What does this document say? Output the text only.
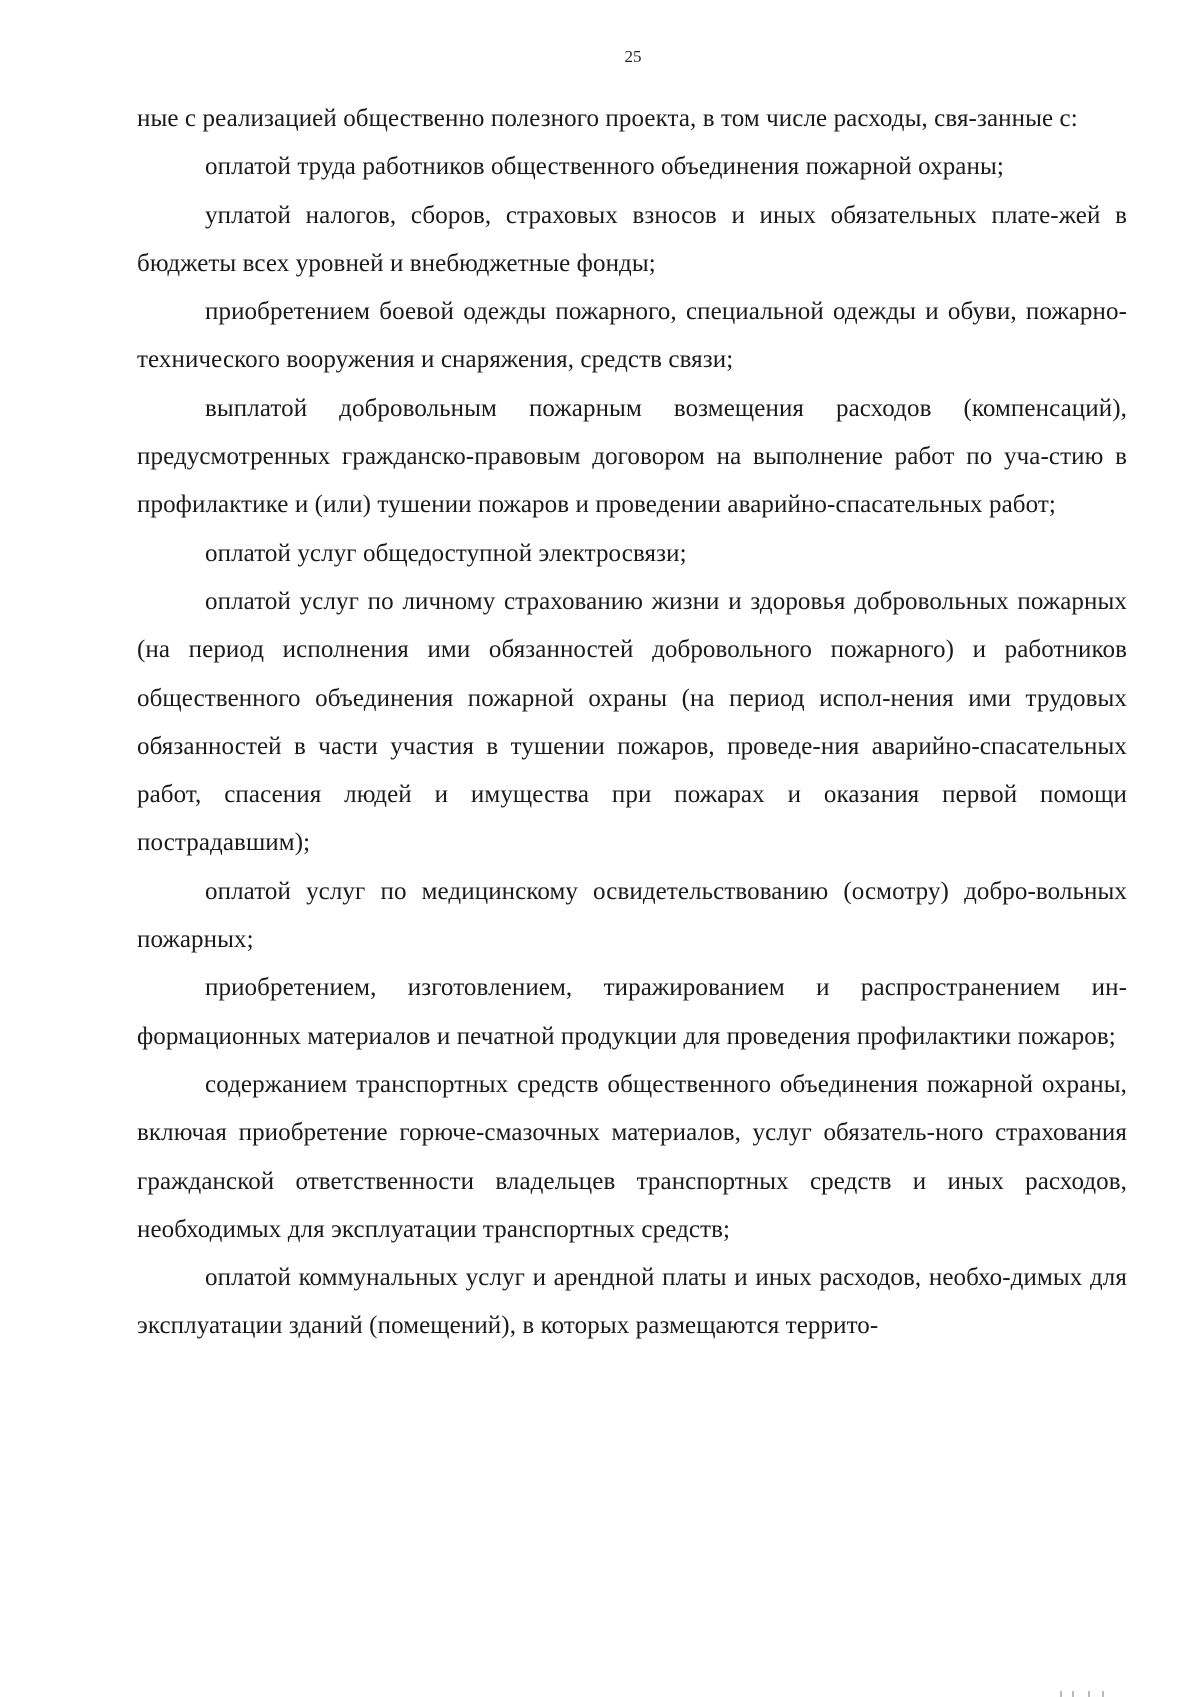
25

ные с реализацией общественно полезного проекта, в том числе расходы, свя-занные с:

оплатой труда работников общественного объединения пожарной охраны;

уплатой налогов, сборов, страховых взносов и иных обязательных плате-жей в бюджеты всех уровней и внебюджетные фонды;

приобретением боевой одежды пожарного, специальной одежды и обуви, пожарно-технического вооружения и снаряжения, средств связи;

выплатой добровольным пожарным возмещения расходов (компенсаций), предусмотренных гражданско-правовым договором на выполнение работ по уча-стию в профилактике и (или) тушении пожаров и проведении аварийно-спасательных работ;

оплатой услуг общедоступной электросвязи;

оплатой услуг по личному страхованию жизни и здоровья добровольных пожарных (на период исполнения ими обязанностей добровольного пожарного) и работников общественного объединения пожарной охраны (на период испол-нения ими трудовых обязанностей в части участия в тушении пожаров, проведе-ния аварийно-спасательных работ, спасения людей и имущества при пожарах и оказания первой помощи пострадавшим);

оплатой услуг по медицинскому освидетельствованию (осмотру) добро-вольных пожарных;

приобретением, изготовлением, тиражированием и распространением ин-формационных материалов и печатной продукции для проведения профилактики пожаров;

содержанием транспортных средств общественного объединения пожарной охраны, включая приобретение горюче-смазочных материалов, услуг обязатель-ного страхования гражданской ответственности владельцев транспортных средств и иных расходов, необходимых для эксплуатации транспортных средств;

оплатой коммунальных услуг и арендной платы и иных расходов, необхо-димых для эксплуатации зданий (помещений), в которых размещаются террито-
